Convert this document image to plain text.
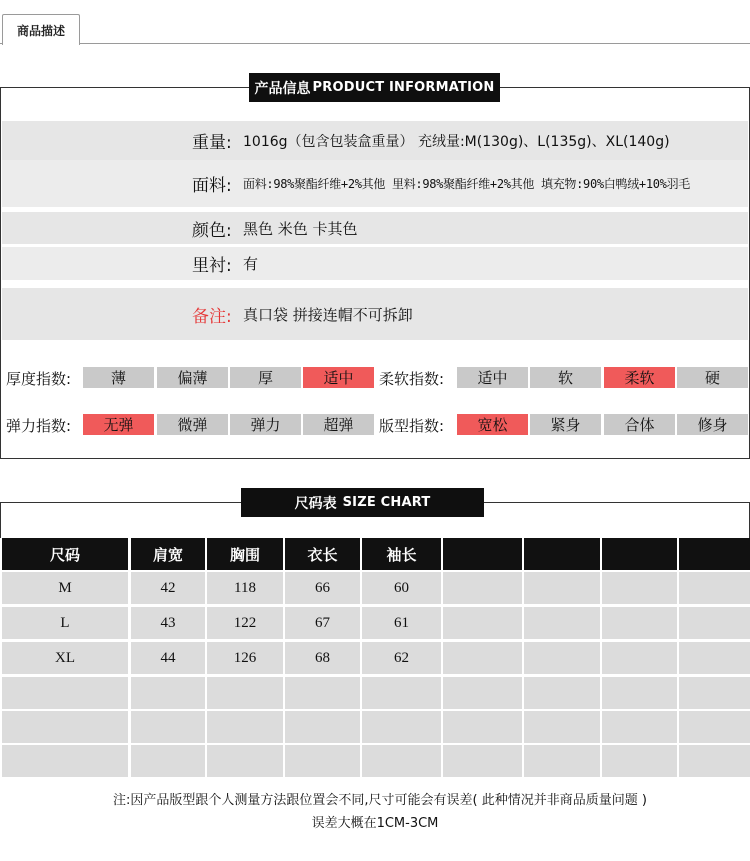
商品描述
产品信息 PRODUCT INFORMATION
重量: 1016g（包含包装盒重量） 充绒量:M(130g)、L(135g)、XL(140g)
面料: 面料:98%聚酯纤维+2%其他 里料:98%聚酯纤维+2%其他 填充物:90%白鸭绒+10%羽毛
颜色: 黑色 米色 卡其色
里衬: 有
备注: 真口袋 拼接连帽不可拆卸
厚度指数:	薄	偏薄	厚	适中	柔软指数:	适中	软	柔软	硬
弹力指数:	无弹	微弹	弹力	超弹	版型指数:	宽松	紧身	合体	修身
尺码表 SIZE CHART
尺码	肩宽	胸围	衣长	袖长
M	42	118	66	60
L	43	122	67	61
XL	44	126	68	62
注:因产品版型跟个人测量方法跟位置会不同,尺寸可能会有误差( 此种情况并非商品质量问题 )
误差大概在1CM-3CM
